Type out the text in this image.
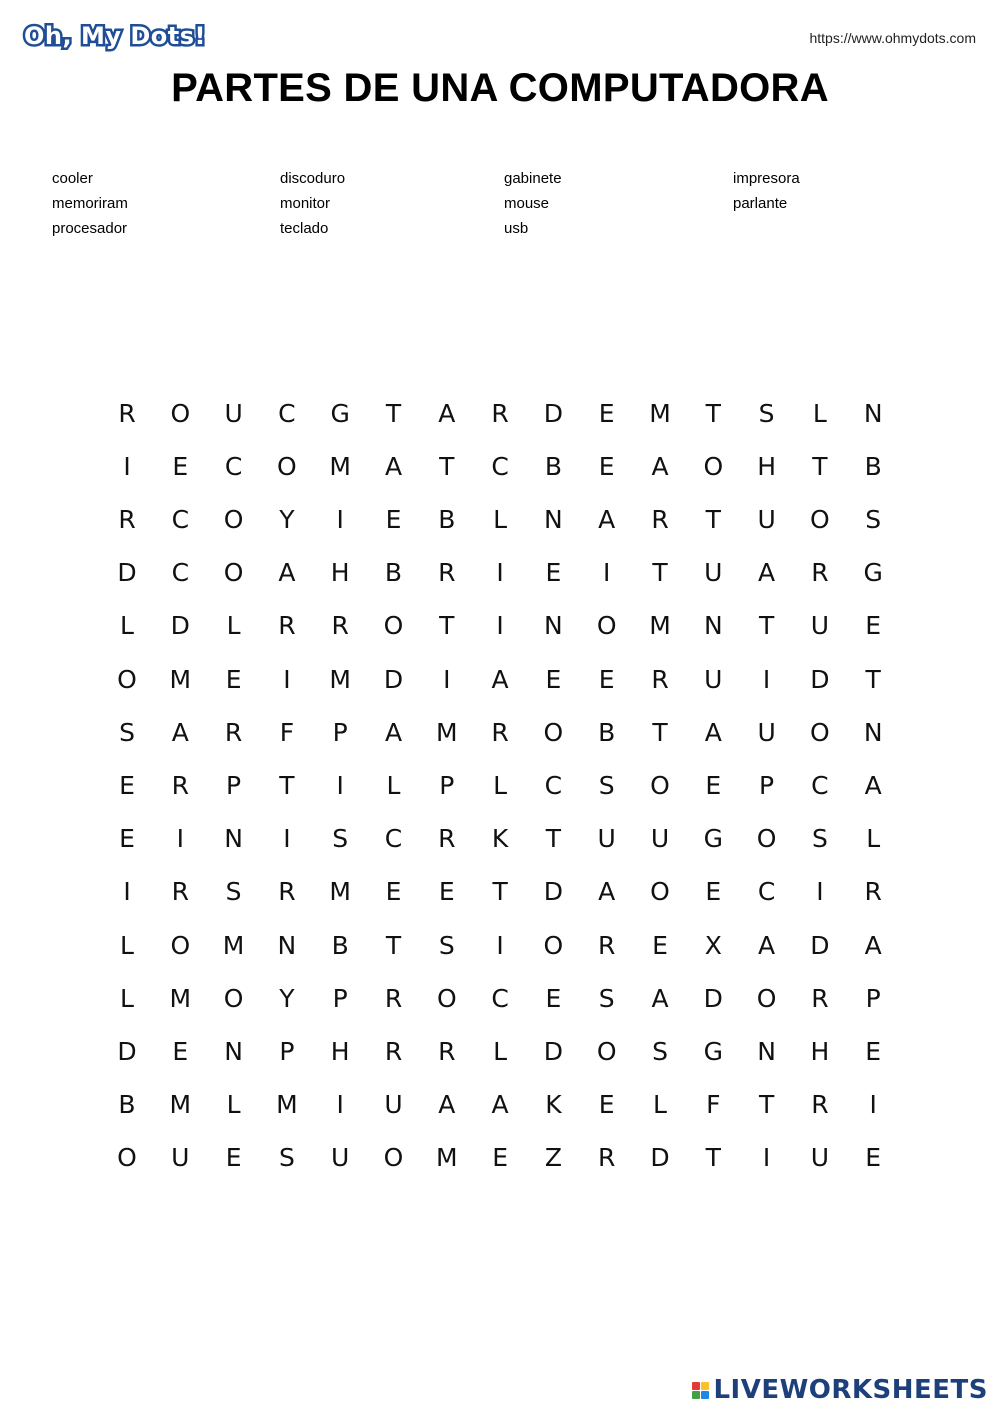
Oh, My Dots!	https://www.ohmydots.com
PARTES DE UNA COMPUTADORA
cooler	discoduro	gabinete	impresora
memoriram	monitor	mouse	parlante
procesador	teclado	usb
R	O	U	C	G	T	A	R	D	E	M	T	S	L	N
I	E	C	O	M	A	T	C	B	E	A	O	H	T	B
R	C	O	Y	I	E	B	L	N	A	R	T	U	O	S
D	C	O	A	H	B	R	I	E	I	T	U	A	R	G
L	D	L	R	R	O	T	I	N	O	M	N	T	U	E
O	M	E	I	M	D	I	A	E	E	R	U	I	D	T
S	A	R	F	P	A	M	R	O	B	T	A	U	O	N
E	R	P	T	I	L	P	L	C	S	O	E	P	C	A
E	I	N	I	S	C	R	K	T	U	U	G	O	S	L
I	R	S	R	M	E	E	T	D	A	O	E	C	I	R
L	O	M	N	B	T	S	I	O	R	E	X	A	D	A
L	M	O	Y	P	R	O	C	E	S	A	D	O	R	P
D	E	N	P	H	R	R	L	D	O	S	G	N	H	E
B	M	L	M	I	U	A	A	K	E	L	F	T	R	I
O	U	E	S	U	O	M	E	Z	R	D	T	I	U	E
LIVEWORKSHEETS
